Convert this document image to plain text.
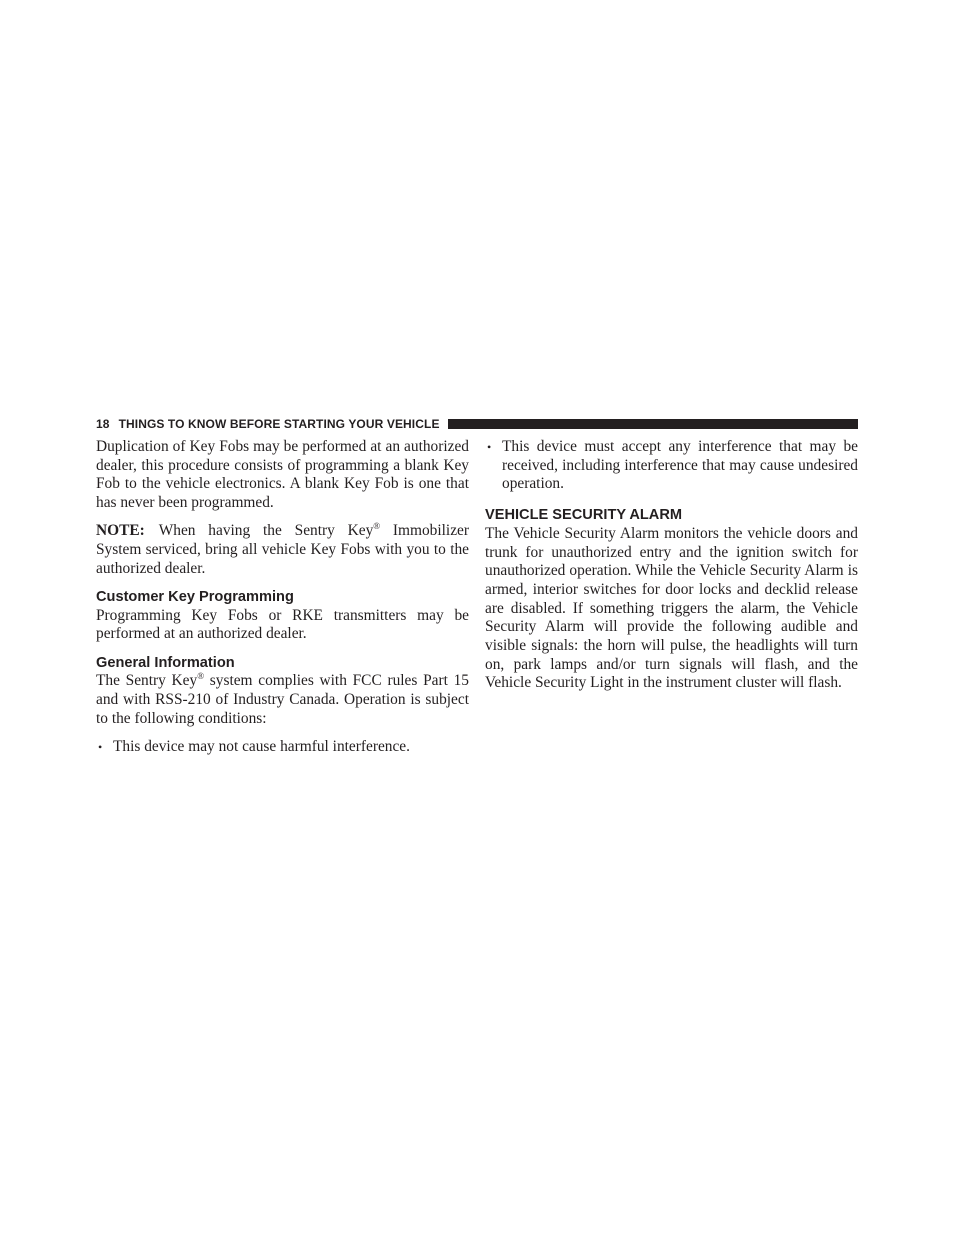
18 THINGS TO KNOW BEFORE STARTING YOUR VEHICLE

Duplication of Key Fobs may be performed at an authorized dealer, this procedure consists of programming a blank Key Fob to the vehicle electronics. A blank Key Fob is one that has never been programmed.

NOTE: When having the Sentry Key® Immobilizer System serviced, bring all vehicle Key Fobs with you to the authorized dealer.

Customer Key Programming

Programming Key Fobs or RKE transmitters may be performed at an authorized dealer.

General Information

The Sentry Key® system complies with FCC rules Part 15 and with RSS-210 of Industry Canada. Operation is subject to the following conditions:

• This device may not cause harmful interference.
• This device must accept any interference that may be received, including interference that may cause undesired operation.
VEHICLE SECURITY ALARM

The Vehicle Security Alarm monitors the vehicle doors and trunk for unauthorized entry and the ignition switch for unauthorized operation. While the Vehicle Security Alarm is armed, interior switches for door locks and decklid release are disabled. If something triggers the alarm, the Vehicle Security Alarm will provide the following audible and visible signals: the horn will pulse, the headlights will turn on, park lamps and/or turn signals will flash, and the Vehicle Security Light in the instrument cluster will flash.
